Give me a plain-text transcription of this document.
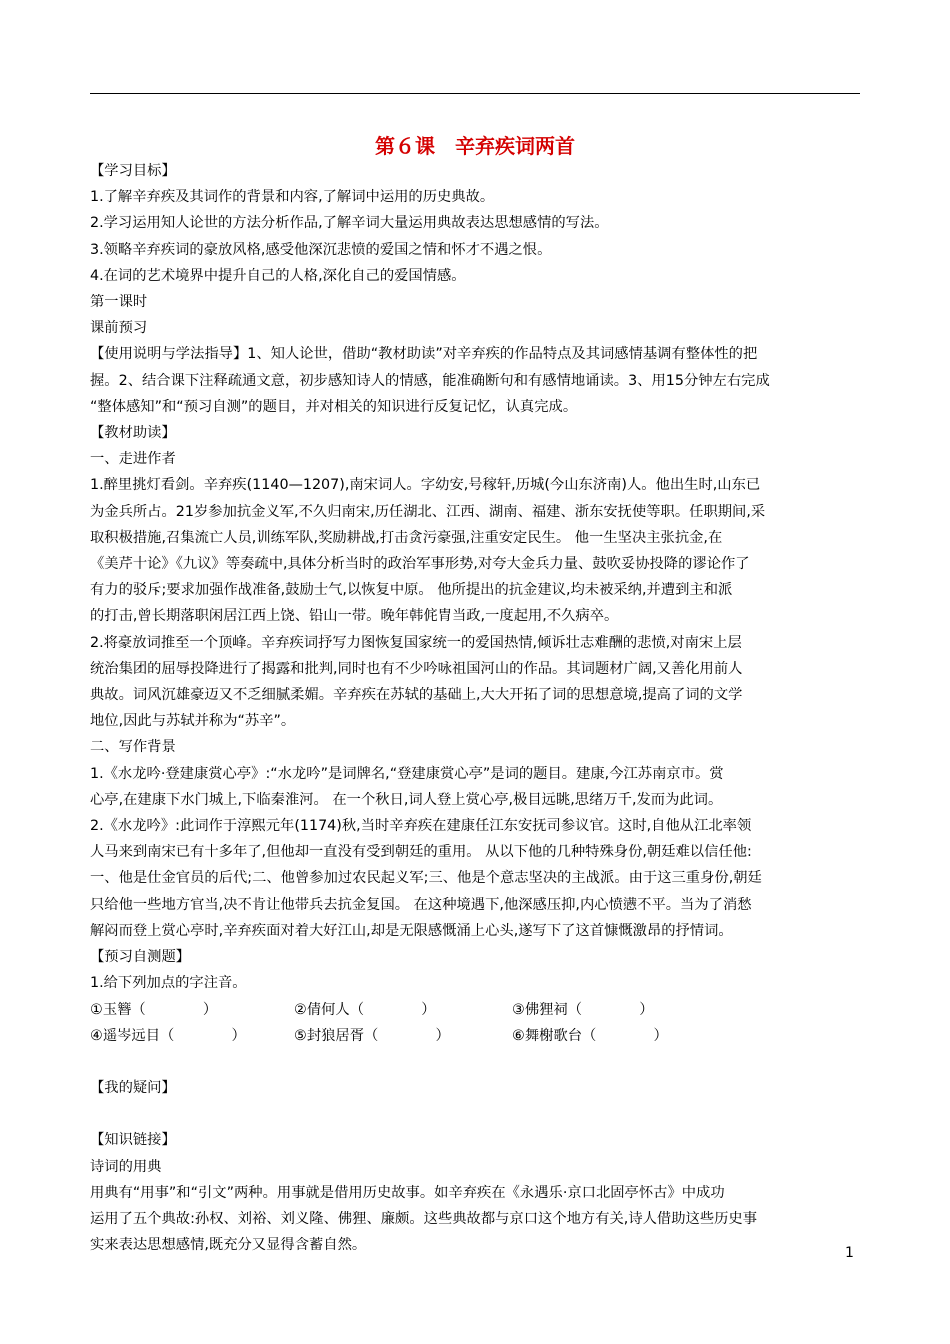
第６课　辛弃疾词两首

【学习目标】

1.了解辛弃疾及其词作的背景和内容,了解词中运用的历史典故。

2.学习运用知人论世的方法分析作品,了解辛词大量运用典故表达思想感情的写法。

3.领略辛弃疾词的豪放风格,感受他深沉悲愤的爱国之情和怀才不遇之恨。

4.在词的艺术境界中提升自己的人格,深化自己的爱国情感。

第一课时

课前预习

【使用说明与学法指导】1、知人论世，借助“教材助读”对辛弃疾的作品特点及其词感情基调有整体性的把

握。2、结合课下注释疏通文意，初步感知诗人的情感，能准确断句和有感情地诵读。3、用15分钟左右完成

“整体感知”和“预习自测”的题目，并对相关的知识进行反复记忆，认真完成。

【教材助读】

一、走进作者

1.醉里挑灯看剑。辛弃疾(1140—1207),南宋词人。字幼安,号稼轩,历城(今山东济南)人。他出生时,山东已

为金兵所占。21岁参加抗金义军,不久归南宋,历任湖北、江西、湖南、福建、浙东安抚使等职。任职期间,采

取积极措施,召集流亡人员,训练军队,奖励耕战,打击贪污豪强,注重安定民生。 他一生坚决主张抗金,在

《美芹十论》《九议》等奏疏中,具体分析当时的政治军事形势,对夸大金兵力量、鼓吹妥协投降的谬论作了

有力的驳斥;要求加强作战准备,鼓励士气,以恢复中原。 他所提出的抗金建议,均未被采纳,并遭到主和派

的打击,曾长期落职闲居江西上饶、铅山一带。晚年韩侂胄当政,一度起用,不久病卒。

2.将豪放词推至一个顶峰。辛弃疾词抒写力图恢复国家统一的爱国热情,倾诉壮志难酬的悲愤,对南宋上层

统治集团的屈辱投降进行了揭露和批判,同时也有不少吟咏祖国河山的作品。其词题材广阔,又善化用前人

典故。词风沉雄豪迈又不乏细腻柔媚。辛弃疾在苏轼的基础上,大大开拓了词的思想意境,提高了词的文学

地位,因此与苏轼并称为“苏辛”。

二、写作背景

1.《水龙吟·登建康赏心亭》:“水龙吟”是词牌名,“登建康赏心亭”是词的题目。建康,今江苏南京市。赏

心亭,在建康下水门城上,下临秦淮河。 在一个秋日,词人登上赏心亭,极目远眺,思绪万千,发而为此词。

2.《水龙吟》:此词作于淳熙元年(1174)秋,当时辛弃疾在建康任江东安抚司参议官。这时,自他从江北率领

人马来到南宋已有十多年了,但他却一直没有受到朝廷的重用。 从以下他的几种特殊身份,朝廷难以信任他:

一、他是仕金官员的后代;二、他曾参加过农民起义军;三、他是个意志坚决的主战派。由于这三重身份,朝廷

只给他一些地方官当,决不肯让他带兵去抗金复国。 在这种境遇下,他深感压抑,内心愤懑不平。当为了消愁

解闷而登上赏心亭时,辛弃疾面对着大好江山,却是无限感慨涌上心头,遂写下了这首慷慨激昂的抒情词。

【预习自测题】

1.给下列加点的字注音。

①玉簪（　　　　）	②倩何人（　　　　）	③佛狸祠（　　　　）

④遥岑远目（　　　　）	⑤封狼居胥（　　　　）	⑥舞榭歌台（　　　　）

【我的疑问】

【知识链接】

诗词的用典

用典有“用事”和“引文”两种。用事就是借用历史故事。如辛弃疾在《永遇乐·京口北固亭怀古》中成功

运用了五个典故:孙权、刘裕、刘义隆、佛狸、廉颇。这些典故都与京口这个地方有关,诗人借助这些历史事

实来表达思想感情,既充分又显得含蓄自然。	1
